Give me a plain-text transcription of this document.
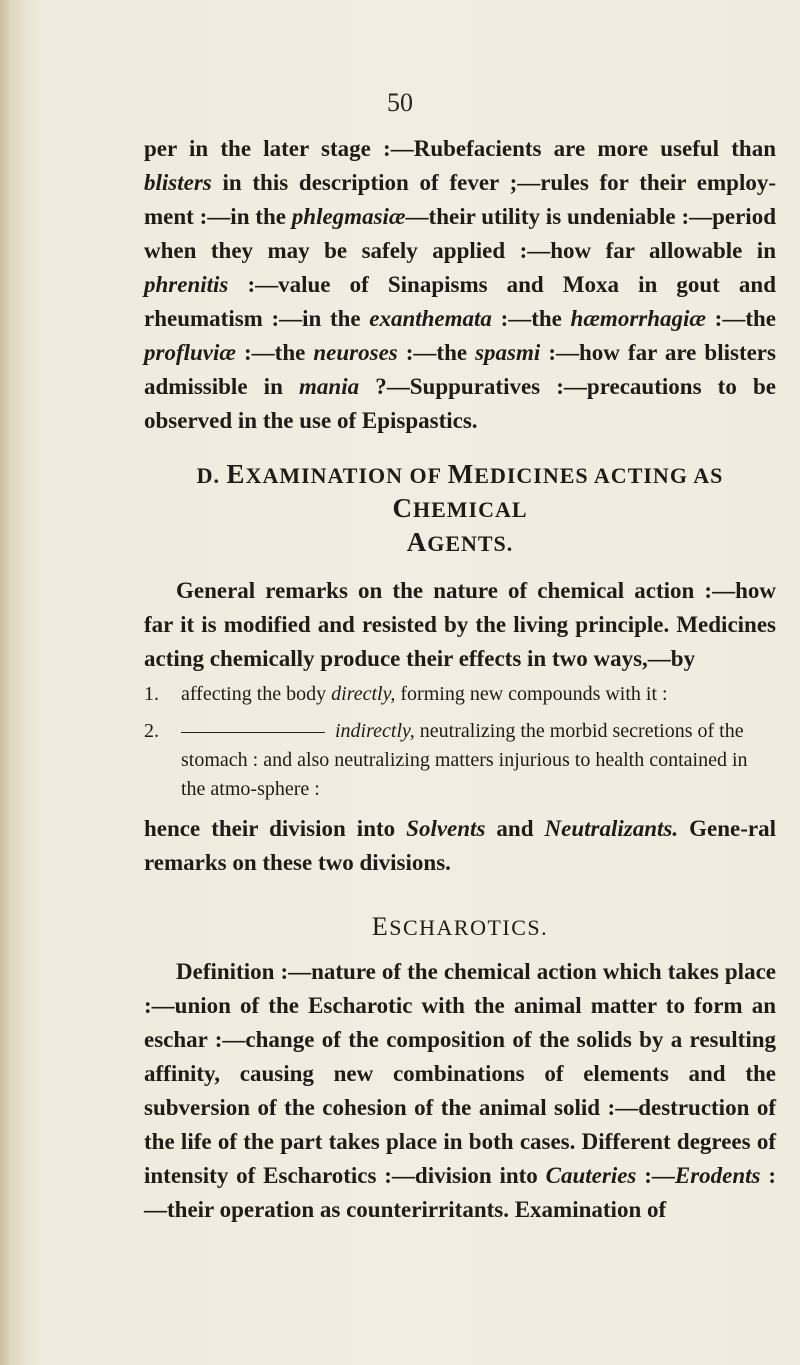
50

per in the later stage :—Rubefacients are more useful than blisters in this description of fever ;—rules for their employ-ment :—in the phlegmasiæ—their utility is undeniable :—period when they may be safely applied :—how far allowable in phrenitis :—value of Sinapisms and Moxa in gout and rheumatism :—in the exanthemata :—the hæmorrhagiæ :—the profluviæ :—the neuroses :—the spasmi :—how far are blisters admissible in mania ?—Suppuratives :—precautions to be observed in the use of Epispastics.

D. EXAMINATION OF MEDICINES ACTING AS CHEMICAL
AGENTS.

General remarks on the nature of chemical action :—how far it is modified and resisted by the living principle. Medicines acting chemically produce their effects in two ways,—by

1.	affecting the body directly, forming new compounds with it :
2.	indirectly, neutralizing the morbid secretions of the stomach : and also neutralizing matters injurious to health contained in the atmo-sphere :

hence their division into Solvents and Neutralizants. Gene-ral remarks on these two divisions.

ESCHAROTICS.

Definition :—nature of the chemical action which takes place :—union of the Escharotic with the animal matter to form an eschar :—change of the composition of the solids by a resulting affinity, causing new combinations of elements and the subversion of the cohesion of the animal solid :—destruction of the life of the part takes place in both cases. Different degrees of intensity of Escharotics :—division into Cauteries :—Erodents :—their operation as counterirritants. Examination of
